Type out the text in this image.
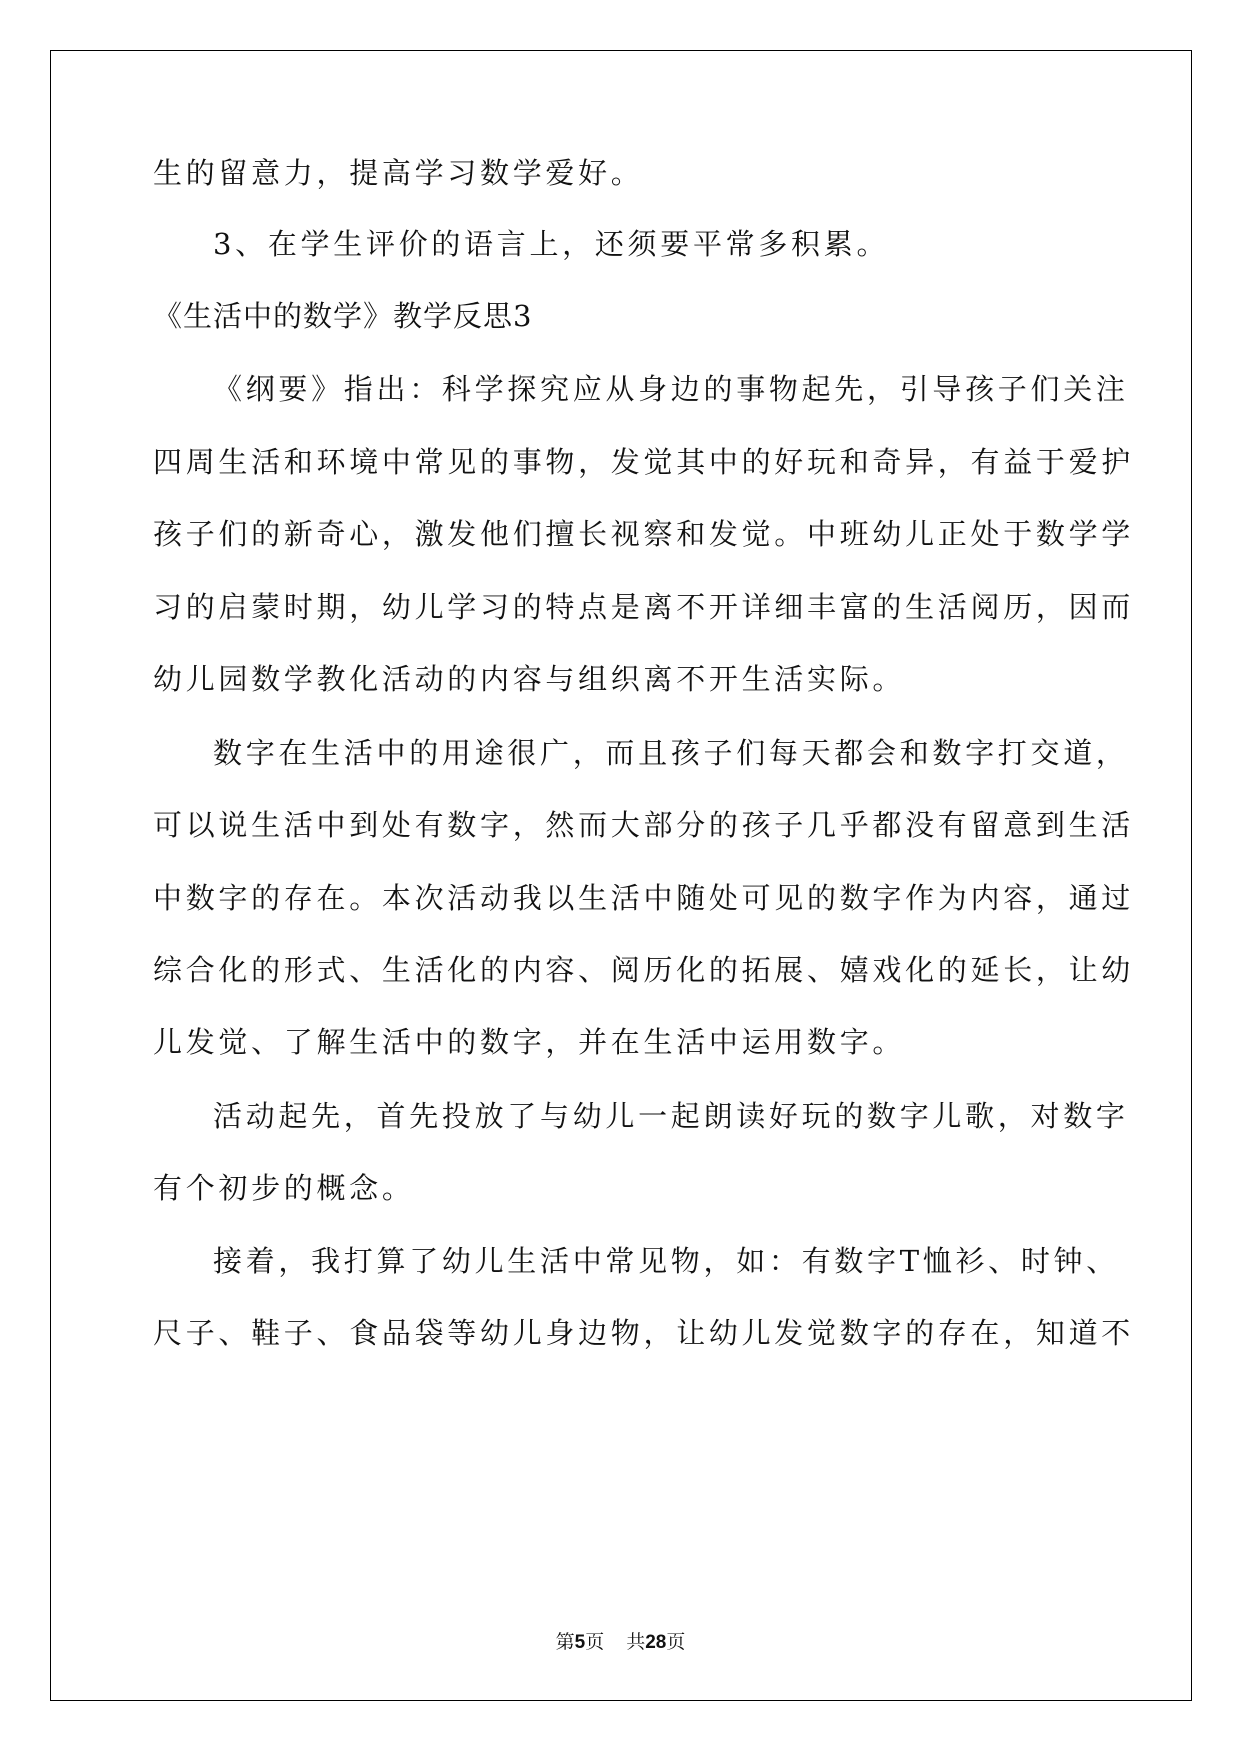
生的留意力，提高学习数学爱好。
3、在学生评价的语言上，还须要平常多积累。
《生活中的数学》教学反思3
《纲要》指出：科学探究应从身边的事物起先，引导孩子们关注
四周生活和环境中常见的事物，发觉其中的好玩和奇异，有益于爱护
孩子们的新奇心，激发他们擅长视察和发觉。中班幼儿正处于数学学
习的启蒙时期，幼儿学习的特点是离不开详细丰富的生活阅历，因而
幼儿园数学教化活动的内容与组织离不开生活实际。
数字在生活中的用途很广，而且孩子们每天都会和数字打交道，
可以说生活中到处有数字，然而大部分的孩子几乎都没有留意到生活
中数字的存在。本次活动我以生活中随处可见的数字作为内容，通过
综合化的形式、生活化的内容、阅历化的拓展、嬉戏化的延长，让幼
儿发觉、了解生活中的数字，并在生活中运用数字。
活动起先，首先投放了与幼儿一起朗读好玩的数字儿歌，对数字
有个初步的概念。
接着，我打算了幼儿生活中常见物，如：有数字T恤衫、时钟、
尺子、鞋子、食品袋等幼儿身边物，让幼儿发觉数字的存在，知道不
第5页 共28页
